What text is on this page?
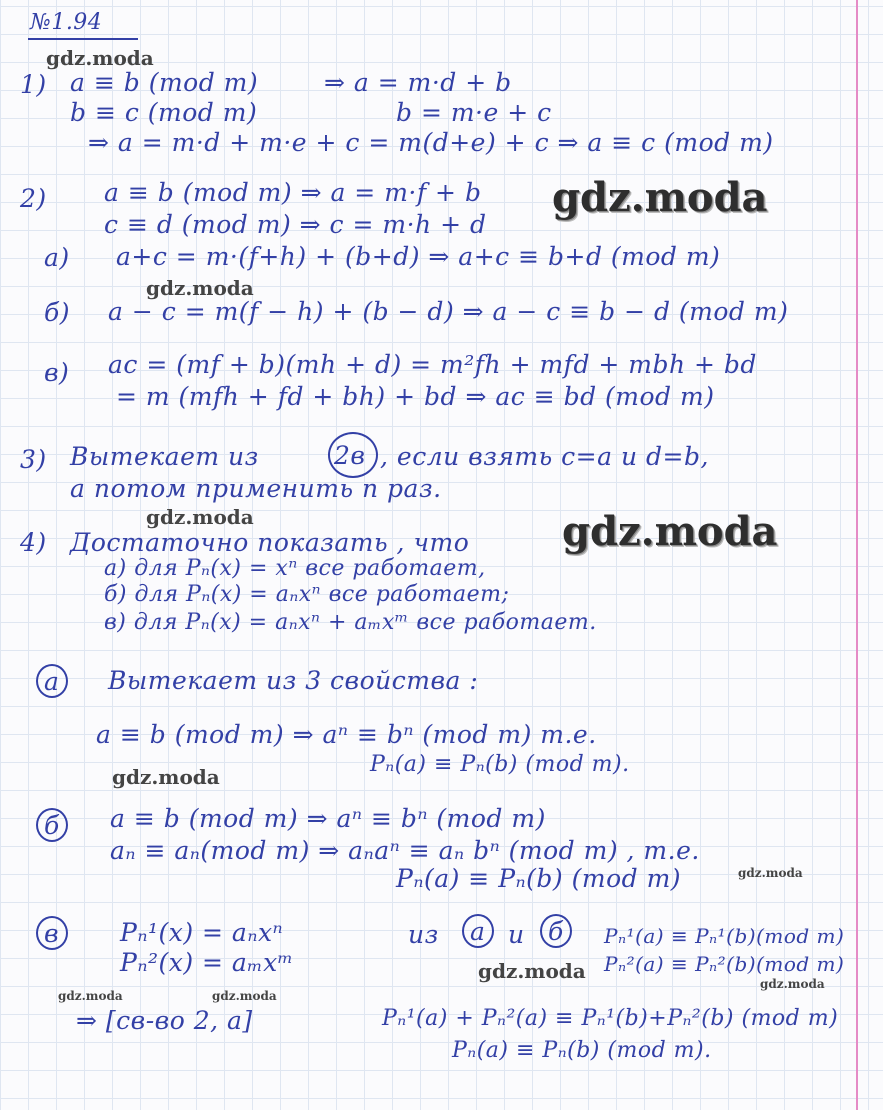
№1.94

gdz.moda

gdz.moda

gdz.moda

gdz.moda	gdz.moda

gdz.moda

gdz.moda

gdz.moda

gdz.moda

gdz.moda	gdz.moda

1) a ≡ b (mod m)	⇒ a = m·d + b

b ≡ c (mod m)	b = m·e + c

⇒ a = m·d + m·e + c = m(d+e) + c ⇒ a ≡ c (mod m)

2) a ≡ b (mod m) ⇒ a = m·f + b

c ≡ d (mod m) ⇒ c = m·h + d

а) a+c = m·(f+h) + (b+d) ⇒ a+c ≡ b+d (mod m)

б) a − c = m(f − h) + (b − d) ⇒ a − c ≡ b − d (mod m)

в) ac = (mf + b)(mh + d) = m²fh + mfd + mbh + bd

= m (mfh + fd + bh) + bd ⇒ ac ≡ bd (mod m)

3) Вытекает из	2в , если взять c=a и d=b,

а потом применить n раз.

4) Достаточно показать , что

а) для Pₙ(x) = xⁿ все работает,

б) для Pₙ(x) = aₙxⁿ все работает;

в) для Pₙ(x) = aₙxⁿ + aₘxᵐ все работает.

а Вытекает из 3 свойства :

a ≡ b (mod m) ⇒ aⁿ ≡ bⁿ (mod m) т.е.

Pₙ(a) ≡ Pₙ(b) (mod m).

б a ≡ b (mod m) ⇒ aⁿ ≡ bⁿ (mod m)

aₙ ≡ aₙ(mod m) ⇒ aₙaⁿ ≡ aₙ bⁿ (mod m) , т.е.

Pₙ(a) ≡ Pₙ(b) (mod m)

в Pₙ¹(x) = aₙxⁿ

Pₙ²(x) = aₘxᵐ

из а и б Pₙ¹(a) ≡ Pₙ¹(b)(mod m)

Pₙ²(a) ≡ Pₙ²(b)(mod m)

⇒ [св-во 2, а]	Pₙ¹(a) + Pₙ²(a) ≡ Pₙ¹(b)+Pₙ²(b) (mod m)

Pₙ(a) ≡ Pₙ(b) (mod m).
